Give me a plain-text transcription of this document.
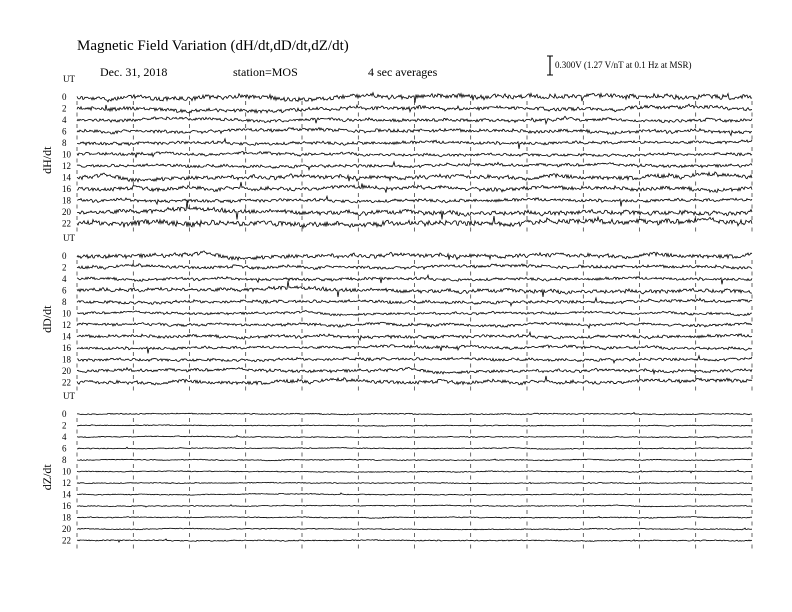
Magnetic Field Variation (dH/dt,dD/dt,dZ/dt)
Dec. 31, 2018	station=MOS	4 sec averages	0.300V (1.27 V/nT at 0.1 Hz at MSR)
UT
dH/dt
0
2
4
6
8
10
12
14
16
18
20
22
UT
dD/dt
0
2
4
6
8
10
12
14
16
18
20
22
UT
dZ/dt
0
2
4
6
8
10
12
14
16
18
20
22
